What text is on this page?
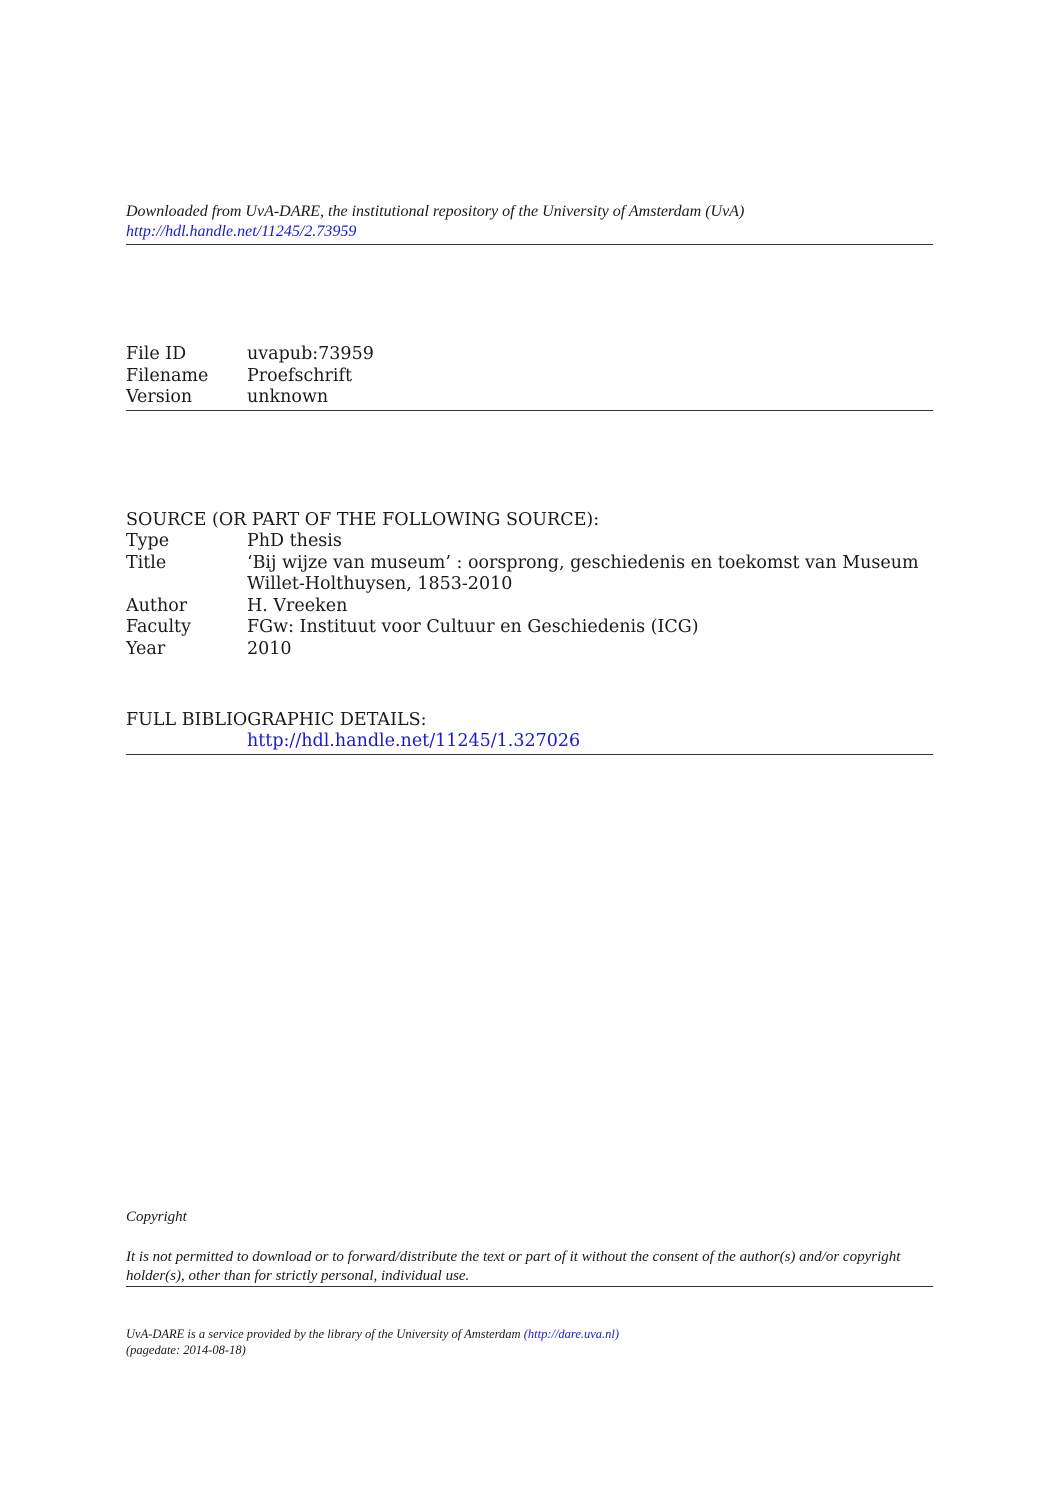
Downloaded from UvA-DARE, the institutional repository of the University of Amsterdam (UvA)
http://hdl.handle.net/11245/2.73959
File ID	uvapub:73959
Filename	Proefschrift
Version	unknown
SOURCE (OR PART OF THE FOLLOWING SOURCE):
Type	PhD thesis
Title	‘Bij wijze van museum’ : oorsprong, geschiedenis en toekomst van Museum Willet-Holthuysen, 1853-2010
Author	H. Vreeken
Faculty	FGw: Instituut voor Cultuur en Geschiedenis (ICG)
Year	2010
FULL BIBLIOGRAPHIC DETAILS:
http://hdl.handle.net/11245/1.327026
Copyright
It is not permitted to download or to forward/distribute the text or part of it without the consent of the author(s) and/or copyright holder(s), other than for strictly personal, individual use.
UvA-DARE is a service provided by the library of the University of Amsterdam (http://dare.uva.nl)
(pagedate: 2014-08-18)
